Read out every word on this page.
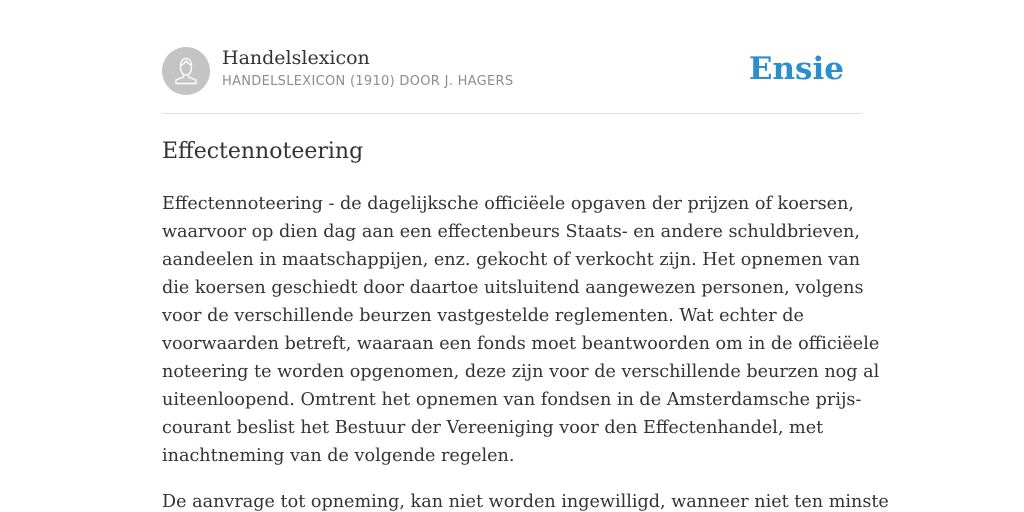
Handelslexicon
HANDELSLEXICON (1910) DOOR J. HAGERS	Ensie
Effectennoteering

Effectennoteering - de dagelijksche officiëele opgaven der prijzen of koersen,
waarvoor op dien dag aan een effectenbeurs Staats- en andere schuldbrieven,
aandeelen in maatschappijen, enz. gekocht of verkocht zijn. Het opnemen van
die koersen geschiedt door daartoe uitsluitend aangewezen personen, volgens
voor de verschillende beurzen vastgestelde reglementen. Wat echter de
voorwaarden betreft, waaraan een fonds moet beantwoorden om in de officiëele
noteering te worden opgenomen, deze zijn voor de verschillende beurzen nog al
uiteenloopend. Omtrent het opnemen van fondsen in de Amsterdamsche prijs-
courant beslist het Bestuur der Vereeniging voor den Effectenhandel, met
inachtneming van de volgende regelen.

De aanvrage tot opneming, kan niet worden ingewilligd, wanneer niet ten minste
